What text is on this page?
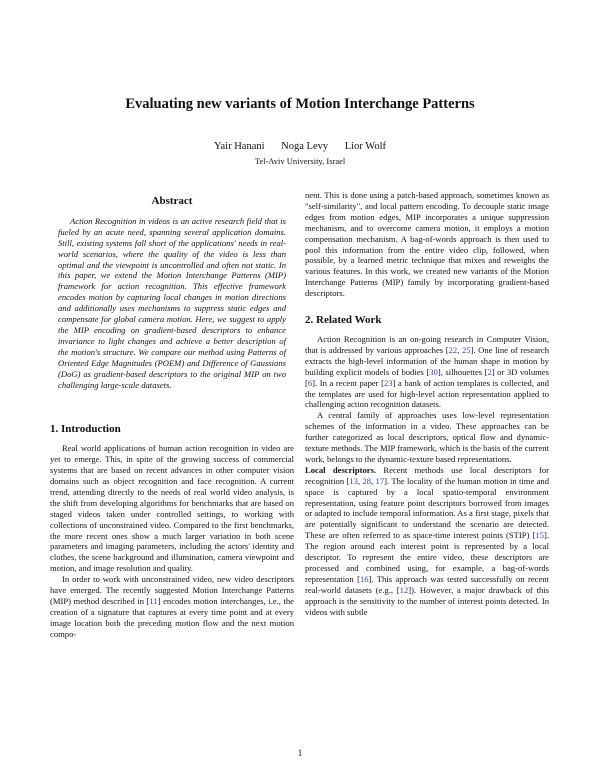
Evaluating new variants of Motion Interchange Patterns
Yair Hanani Noga Levy Lior Wolf
Tel-Aviv University, Israel
Abstract

Action Recognition in videos is an active research field that is fueled by an acute need, spanning several application domains. Still, existing systems fall short of the applications' needs in real-world scenarios, where the quality of the video is less than optimal and the viewpoint is uncontrolled and often not static. In this paper, we extend the Motion Interchange Patterns (MIP) framework for action recognition. This effective framework encodes motion by capturing local changes in motion directions and additionally uses mechanisms to suppress static edges and compensate for global camera motion. Here, we suggest to apply the MIP encoding on gradient-based descriptors to enhance invariance to light changes and achieve a better description of the motion's structure. We compare our method using Patterns of Oriented Edge Magnitudes (POEM) and Difference of Gaussians (DoG) as gradient-based descriptors to the original MIP on two challenging large-scale datasets.

1. Introduction

Real world applications of human action recognition in video are yet to emerge. This, in spite of the growing success of commercial systems that are based on recent advances in other computer vision domains such as object recognition and face recognition. A current trend, attending directly to the needs of real world video analysis, is the shift from developing algorithms for benchmarks that are based on staged videos taken under controlled settings, to working with collections of unconstrained video. Compared to the first benchmarks, the more recent ones show a much larger variation in both scene parameters and imaging parameters, including the actors' identity and clothes, the scene background and illumination, camera viewpoint and motion, and image resolution and quality.

In order to work with unconstrained video, new video descriptors have emerged. The recently suggested Motion Interchange Patterns (MIP) method described in [11] encodes motion interchanges, i.e., the creation of a signature that captures at every time point and at every image location both the preceding motion flow and the next motion compo-

nent. This is done using a patch-based approach, sometimes known as "self-similarity", and local pattern encoding. To decouple static image edges from motion edges, MIP incorporates a unique suppression mechanism, and to overcome camera motion, it employs a motion compensation mechanism. A bag-of-words approach is then used to pool this information from the entire video clip, followed, when possible, by a learned metric technique that mixes and reweighs the various features. In this work, we created new variants of the Motion Interchange Patterns (MIP) family by incorporating gradient-based descriptors.

2. Related Work

Action Recognition is an on-going research in Computer Vision, that is addressed by various approaches [22, 25]. One line of research extracts the high-level information of the human shape in motion by building explicit models of bodies [30], silhouettes [2] or 3D volumes [6]. In a recent paper [23] a bank of action templates is collected, and the templates are used for high-level action representation applied to challenging action recognition datasets.

A central family of approaches uses low-level representation schemes of the information in a video. These approaches can be further categorized as local descriptors, optical flow and dynamic-texture methods. The MIP framework, which is the basis of the current work, belongs to the dynamic-texture based representations.

Local descriptors. Recent methods use local descriptors for recognition [13, 28, 17]. The locality of the human motion in time and space is captured by a local spatio-temporal environment representation, using feature point descriptors borrowed from images or adapted to include temporal information. As a first stage, pixels that are potentially significant to understand the scenario are detected. These are often referred to as space-time interest points (STIP) [15]. The region around each interest point is represented by a local descriptor. To represent the entire video, these descriptors are processed and combined using, for example, a bag-of-words representation [16]. This approach was tested successfully on recent real-world datasets (e.g., [12]). However, a major drawback of this approach is the sensitivity to the number of interest points detected. In videos with subtle

1
